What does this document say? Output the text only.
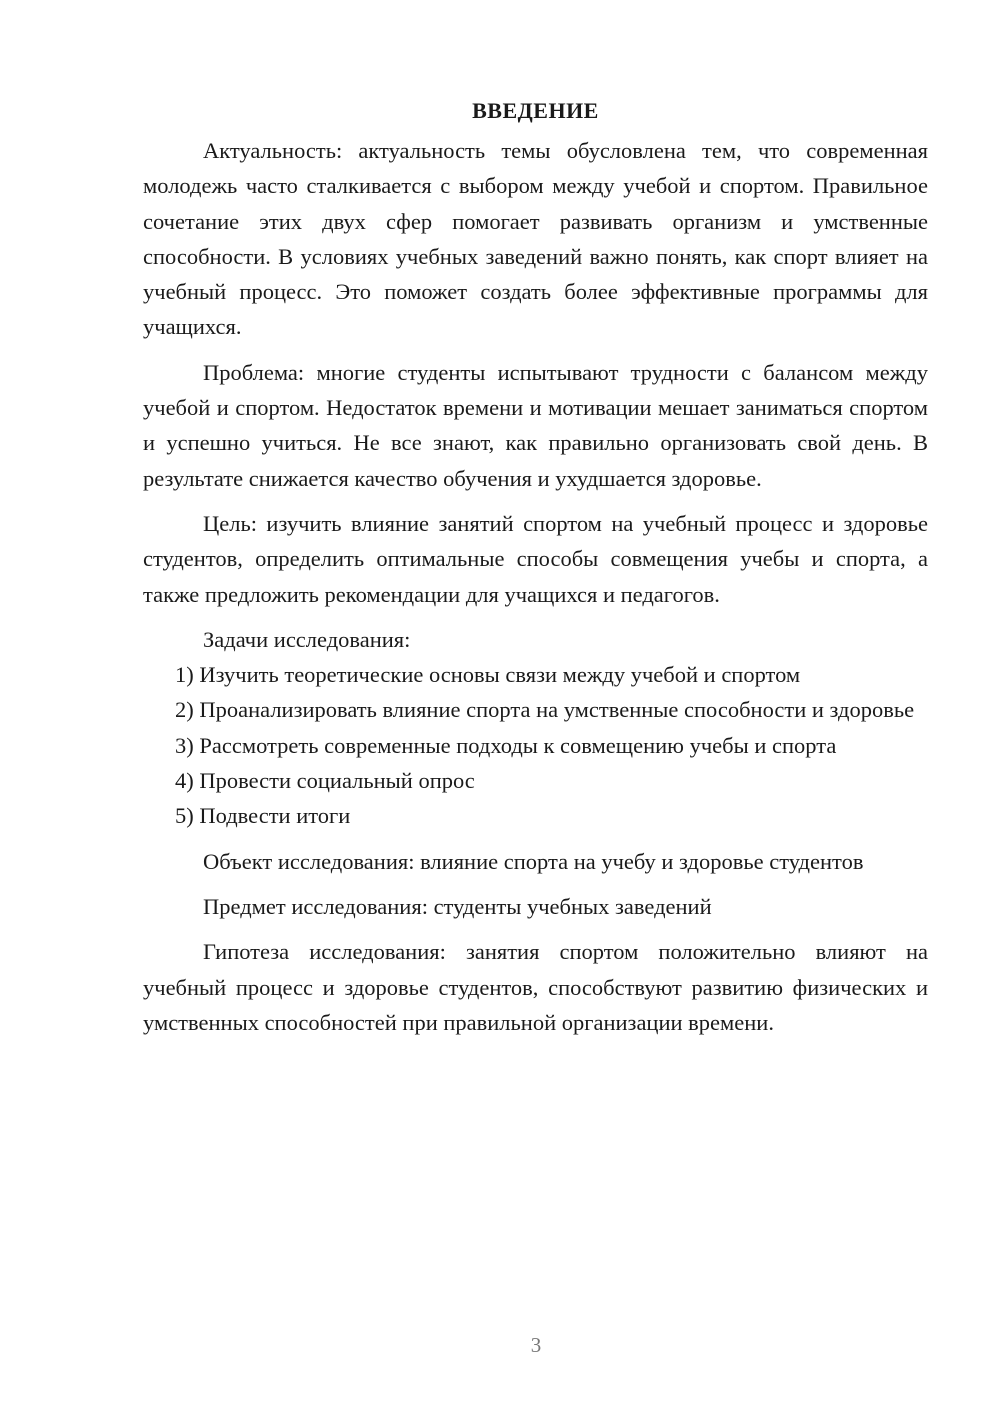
ВВЕДЕНИЕ

Актуальность: актуальность темы обусловлена тем, что современная молодежь часто сталкивается с выбором между учебой и спортом. Правильное сочетание этих двух сфер помогает развивать организм и умственные способности. В условиях учебных заведений важно понять, как спорт влияет на учебный процесс. Это поможет создать более эффективные программы для учащихся.

Проблема: многие студенты испытывают трудности с балансом между учебой и спортом. Недостаток времени и мотивации мешает заниматься спортом и успешно учиться. Не все знают, как правильно организовать свой день. В результате снижается качество обучения и ухудшается здоровье.

Цель: изучить влияние занятий спортом на учебный процесс и здоровье студентов, определить оптимальные способы совмещения учебы и спорта, а также предложить рекомендации для учащихся и педагогов.

Задачи исследования:

1) Изучить теоретические основы связи между учебой и спортом

2) Проанализировать влияние спорта на умственные способности и здоровье

3) Рассмотреть современные подходы к совмещению учебы и спорта

4) Провести социальный опрос

5) Подвести итоги

Объект исследования: влияние спорта на учебу и здоровье студентов

Предмет исследования: студенты учебных заведений

Гипотеза исследования: занятия спортом положительно влияют на учебный процесс и здоровье студентов, способствуют развитию физических и умственных способностей при правильной организации времени.

3
